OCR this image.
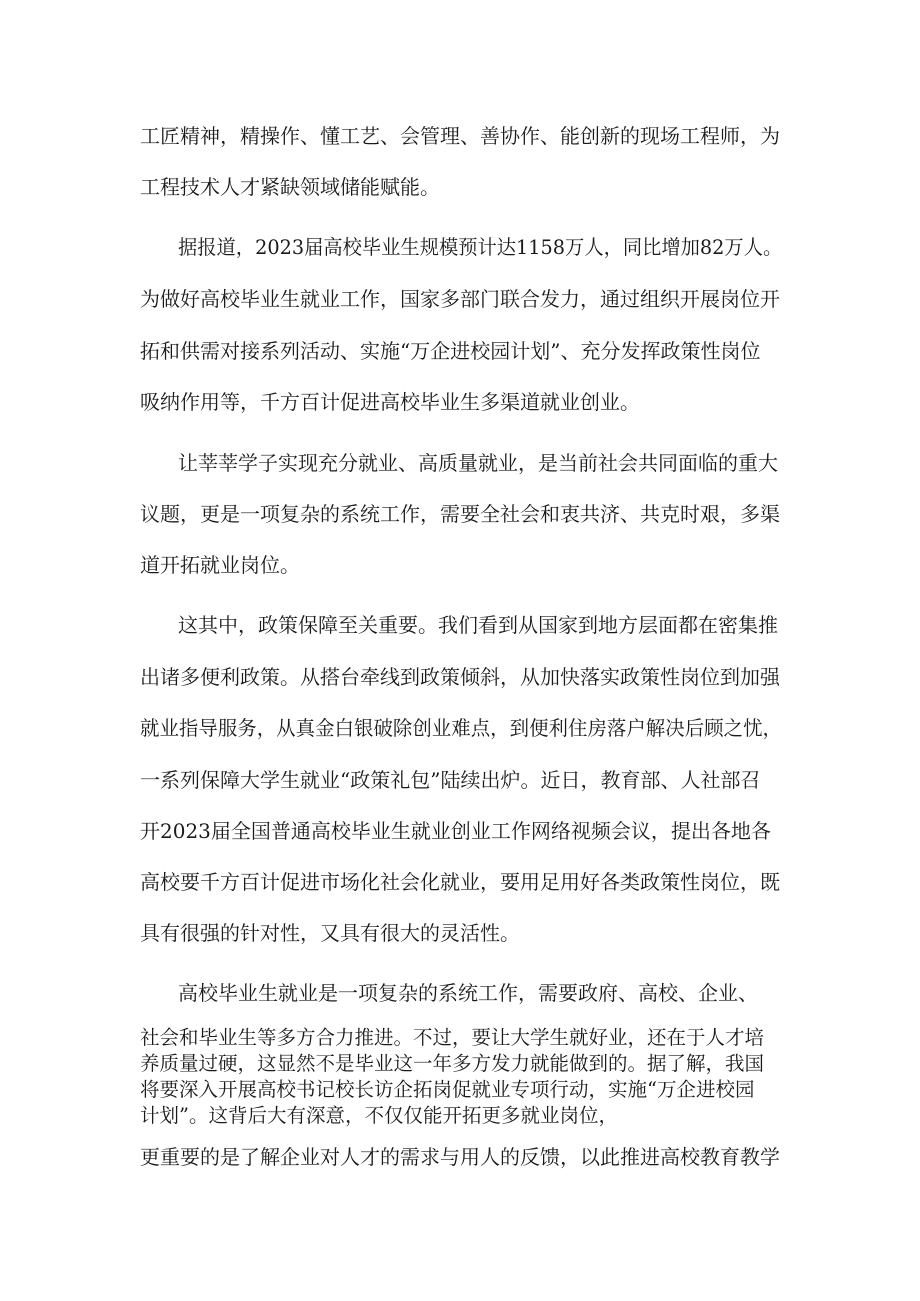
工匠精神，精操作、懂工艺、会管理、善协作、能创新的现场工程师，为

工程技术人才紧缺领域储能赋能。

据报道，2023届高校毕业生规模预计达1158万人，同比增加82万人。

为做好高校毕业生就业工作，国家多部门联合发力，通过组织开展岗位开

拓和供需对接系列活动、实施“万企进校园计划”、充分发挥政策性岗位

吸纳作用等，千方百计促进高校毕业生多渠道就业创业。

让莘莘学子实现充分就业、高质量就业，是当前社会共同面临的重大

议题，更是一项复杂的系统工作，需要全社会和衷共济、共克时艰，多渠

道开拓就业岗位。

这其中，政策保障至关重要。我们看到从国家到地方层面都在密集推

出诸多便利政策。从搭台牵线到政策倾斜，从加快落实政策性岗位到加强

就业指导服务，从真金白银破除创业难点，到便利住房落户解决后顾之忧，

一系列保障大学生就业“政策礼包”陆续出炉。近日，教育部、人社部召

开2023届全国普通高校毕业生就业创业工作网络视频会议，提出各地各

高校要千方百计促进市场化社会化就业，要用足用好各类政策性岗位，既

具有很强的针对性，又具有很大的灵活性。

高校毕业生就业是一项复杂的系统工作，需要政府、高校、企业、

社会和毕业生等多方合力推进。不过，要让大学生就好业，还在于人才培

养质量过硬，这显然不是毕业这一年多方发力就能做到的。据了解，我国

将要深入开展高校书记校长访企拓岗促就业专项行动，实施“万企进校园

计划”。这背后大有深意，不仅仅能开拓更多就业岗位，

更重要的是了解企业对人才的需求与用人的反馈，以此推进高校教育教学
